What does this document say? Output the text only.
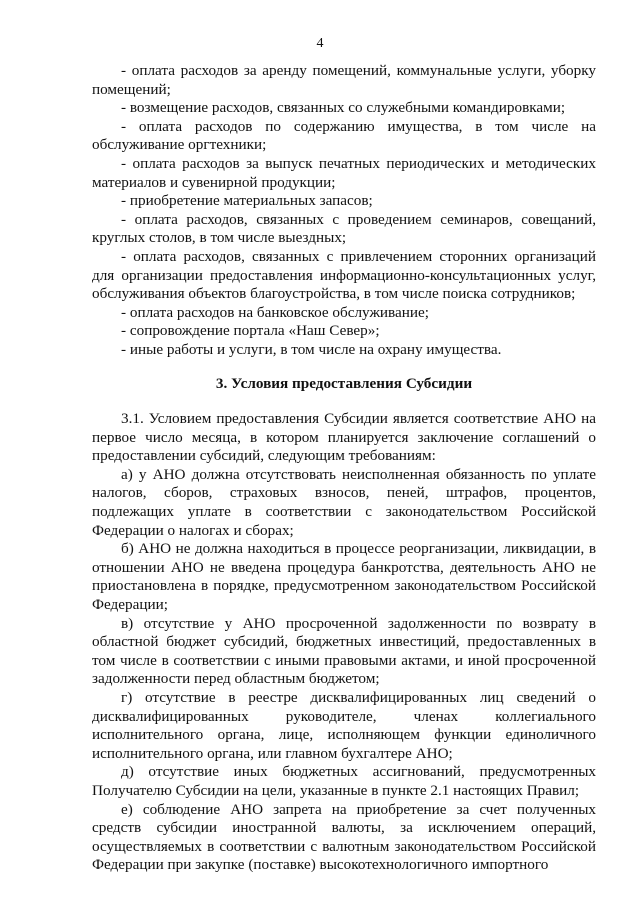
4

- оплата расходов за аренду помещений, коммунальные услуги, уборку помещений;

- возмещение расходов, связанных со служебными командировками;

- оплата расходов по содержанию имущества, в том числе на обслуживание оргтехники;

- оплата расходов за выпуск печатных периодических и методических материалов и сувенирной продукции;

- приобретение материальных запасов;

- оплата расходов, связанных с проведением семинаров, совещаний, круглых столов, в том числе выездных;

- оплата расходов, связанных с привлечением сторонних организаций для организации предоставления информационно-консультационных услуг, обслуживания объектов благоустройства, в том числе поиска сотрудников;

- оплата расходов на банковское обслуживание;

- сопровождение портала «Наш Север»;

- иные работы и услуги, в том числе на охрану имущества.

3. Условия предоставления Субсидии

3.1. Условием предоставления Субсидии является соответствие АНО на первое число месяца, в котором планируется заключение соглашений о предоставлении субсидий, следующим требованиям:

а) у АНО должна отсутствовать неисполненная обязанность по уплате налогов, сборов, страховых взносов, пеней, штрафов, процентов, подлежащих уплате в соответствии с законодательством Российской Федерации о налогах и сборах;

б) АНО не должна находиться в процессе реорганизации, ликвидации, в отношении АНО не введена процедура банкротства, деятельность АНО не приостановлена в порядке, предусмотренном законодательством Российской Федерации;

в) отсутствие у АНО просроченной задолженности по возврату в областной бюджет субсидий, бюджетных инвестиций, предоставленных в том числе в соответствии с иными правовыми актами, и иной просроченной задолженности перед областным бюджетом;

г) отсутствие в реестре дисквалифицированных лиц сведений о дисквалифицированных руководителе, членах коллегиального исполнительного органа, лице, исполняющем функции единоличного исполнительного органа, или главном бухгалтере АНО;

д) отсутствие иных бюджетных ассигнований, предусмотренных Получателю Субсидии на цели, указанные в пункте 2.1 настоящих Правил;

е) соблюдение АНО запрета на приобретение за счет полученных средств субсидии иностранной валюты, за исключением операций, осуществляемых в соответствии с валютным законодательством Российской Федерации при закупке (поставке) высокотехнологичного импортного
